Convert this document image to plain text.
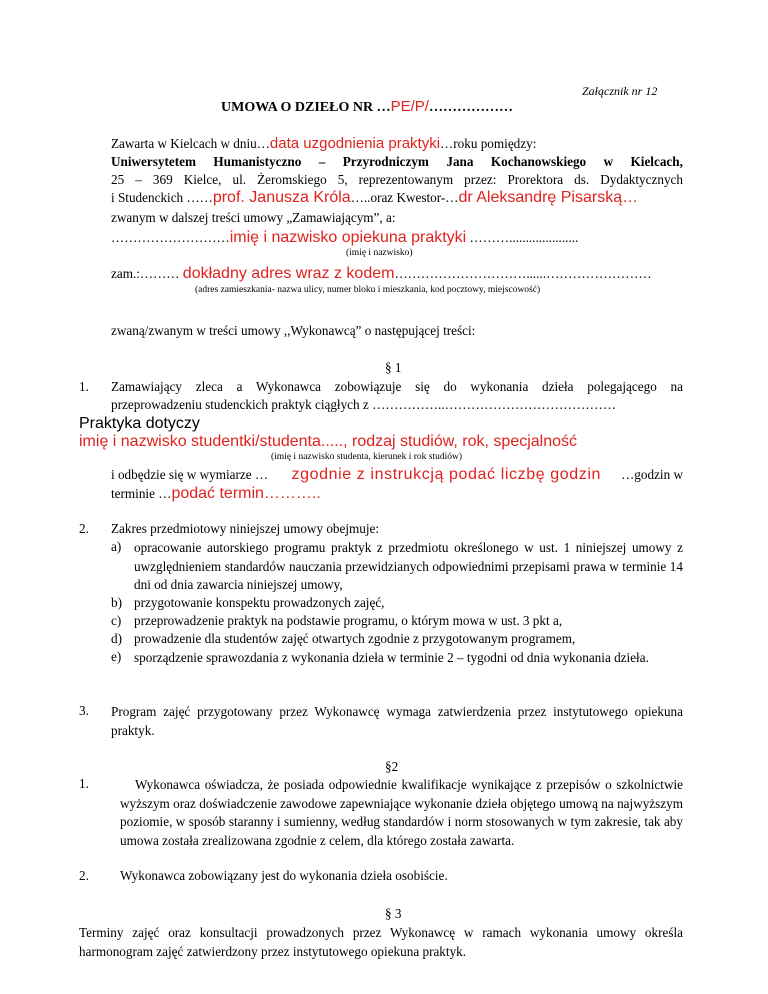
Załącznik nr 12
UMOWA O DZIEŁO NR …PE/P/………………
Zawarta w Kielcach w dniu…data uzgodnienia praktyki…roku pomiędzy:
Uniwersytetem Humanistyczno – Przyrodniczym Jana Kochanowskiego w Kielcach,
25 – 369 Kielce, ul. Żeromskiego 5, reprezentowanym przez: Prorektora ds. Dydaktycznych
i Studenckich ……prof. Janusza Króla…..oraz Kwestor-…dr Aleksandrę Pisarską…
zwanym w dalszej treści umowy „Zamawiającym”, a:
………………………imię i nazwisko opiekuna praktyki ……….....................
(imię i nazwisko)
zam.:……… dokładny adres wraz z kodem…………………………......……………………
(adres zamieszkania- nazwa ulicy, numer bloku i mieszkania, kod pocztowy, miejscowość)
zwaną/zwanym w treści umowy ,,Wykonawcą” o następującej treści:
§ 1
1. Zamawiający zleca a Wykonawca zobowiązuje się do wykonania dzieła polegającego na
przeprowadzeniu studenckich praktyk ciągłych z ……………..…………………………………
Praktyka dotyczy
imię i nazwisko studentki/studenta....., rodzaj studiów, rok, specjalność
(imię i nazwisko studenta, kierunek i rok studiów)
i odbędzie się w wymiarze … zgodnie z instrukcją podać liczbę godzin …godzin w
terminie …podać termin………..
2. Zakres przedmiotowy niniejszej umowy obejmuje:
a) opracowanie autorskiego programu praktyk z przedmiotu określonego w ust. 1 niniejszej umowy z uwzględnieniem standardów nauczania przewidzianych odpowiednimi przepisami prawa w terminie 14 dni od dnia zawarcia niniejszej umowy,
b) przygotowanie konspektu prowadzonych zajęć,
c) przeprowadzenie praktyk na podstawie programu, o którym mowa w ust. 3 pkt a,
d) prowadzenie dla studentów zajęć otwartych zgodnie z przygotowanym programem,
e) sporządzenie sprawozdania z wykonania dzieła w terminie 2 – tygodni od dnia wykonania dzieła.
3. Program zajęć przygotowany przez Wykonawcę wymaga zatwierdzenia przez instytutowego opiekuna praktyk.
§2
1.	Wykonawca oświadcza, że posiada odpowiednie kwalifikacje wynikające z przepisów o szkolnictwie wyższym oraz doświadczenie zawodowe zapewniające wykonanie dzieła objętego umową na najwyższym poziomie, w sposób staranny i sumienny, według standardów i norm stosowanych w tym zakresie, tak aby umowa została zrealizowana zgodnie z celem, dla którego została zawarta.
2. Wykonawca zobowiązany jest do wykonania dzieła osobiście.
§ 3
Terminy zajęć oraz konsultacji prowadzonych przez Wykonawcę w ramach wykonania umowy określa harmonogram zajęć zatwierdzony przez instytutowego opiekuna praktyk.
